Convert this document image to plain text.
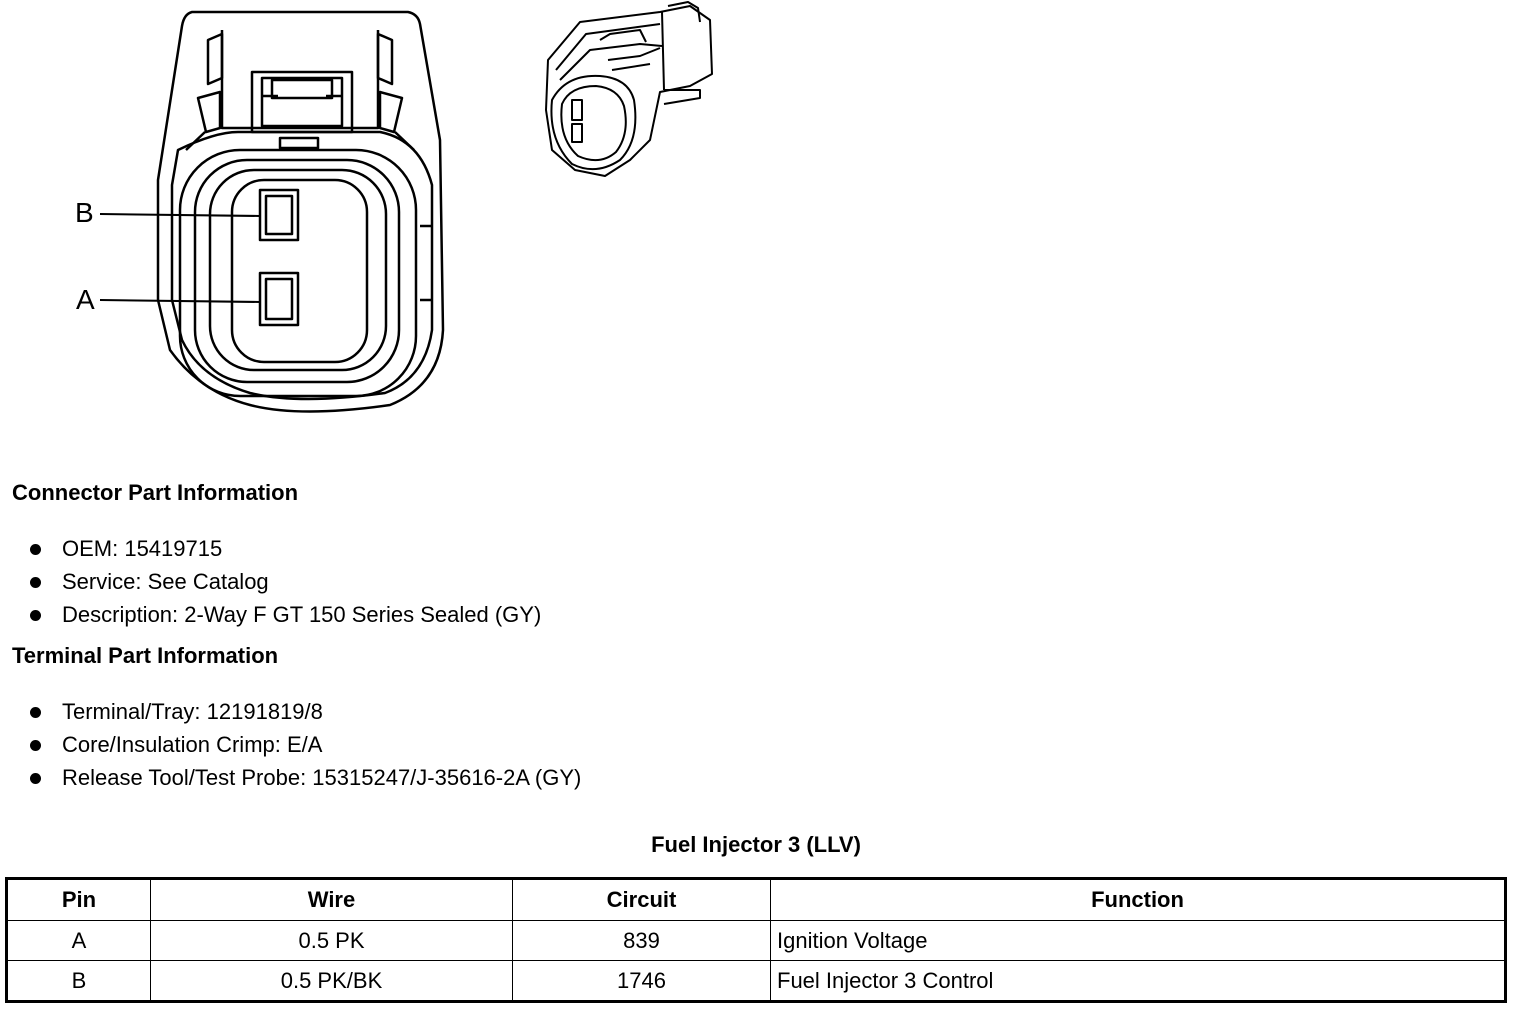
B
A
Connector Part Information
OEM: 15419715
Service: See Catalog
Description: 2-Way F GT 150 Series Sealed (GY)
Terminal Part Information
Terminal/Tray: 12191819/8
Core/Insulation Crimp: E/A
Release Tool/Test Probe: 15315247/J-35616-2A (GY)
Fuel Injector 3 (LLV)
Pin	Wire	Circuit	Function
A	0.5 PK	839	Ignition Voltage
B	0.5 PK/BK	1746	Fuel Injector 3 Control
